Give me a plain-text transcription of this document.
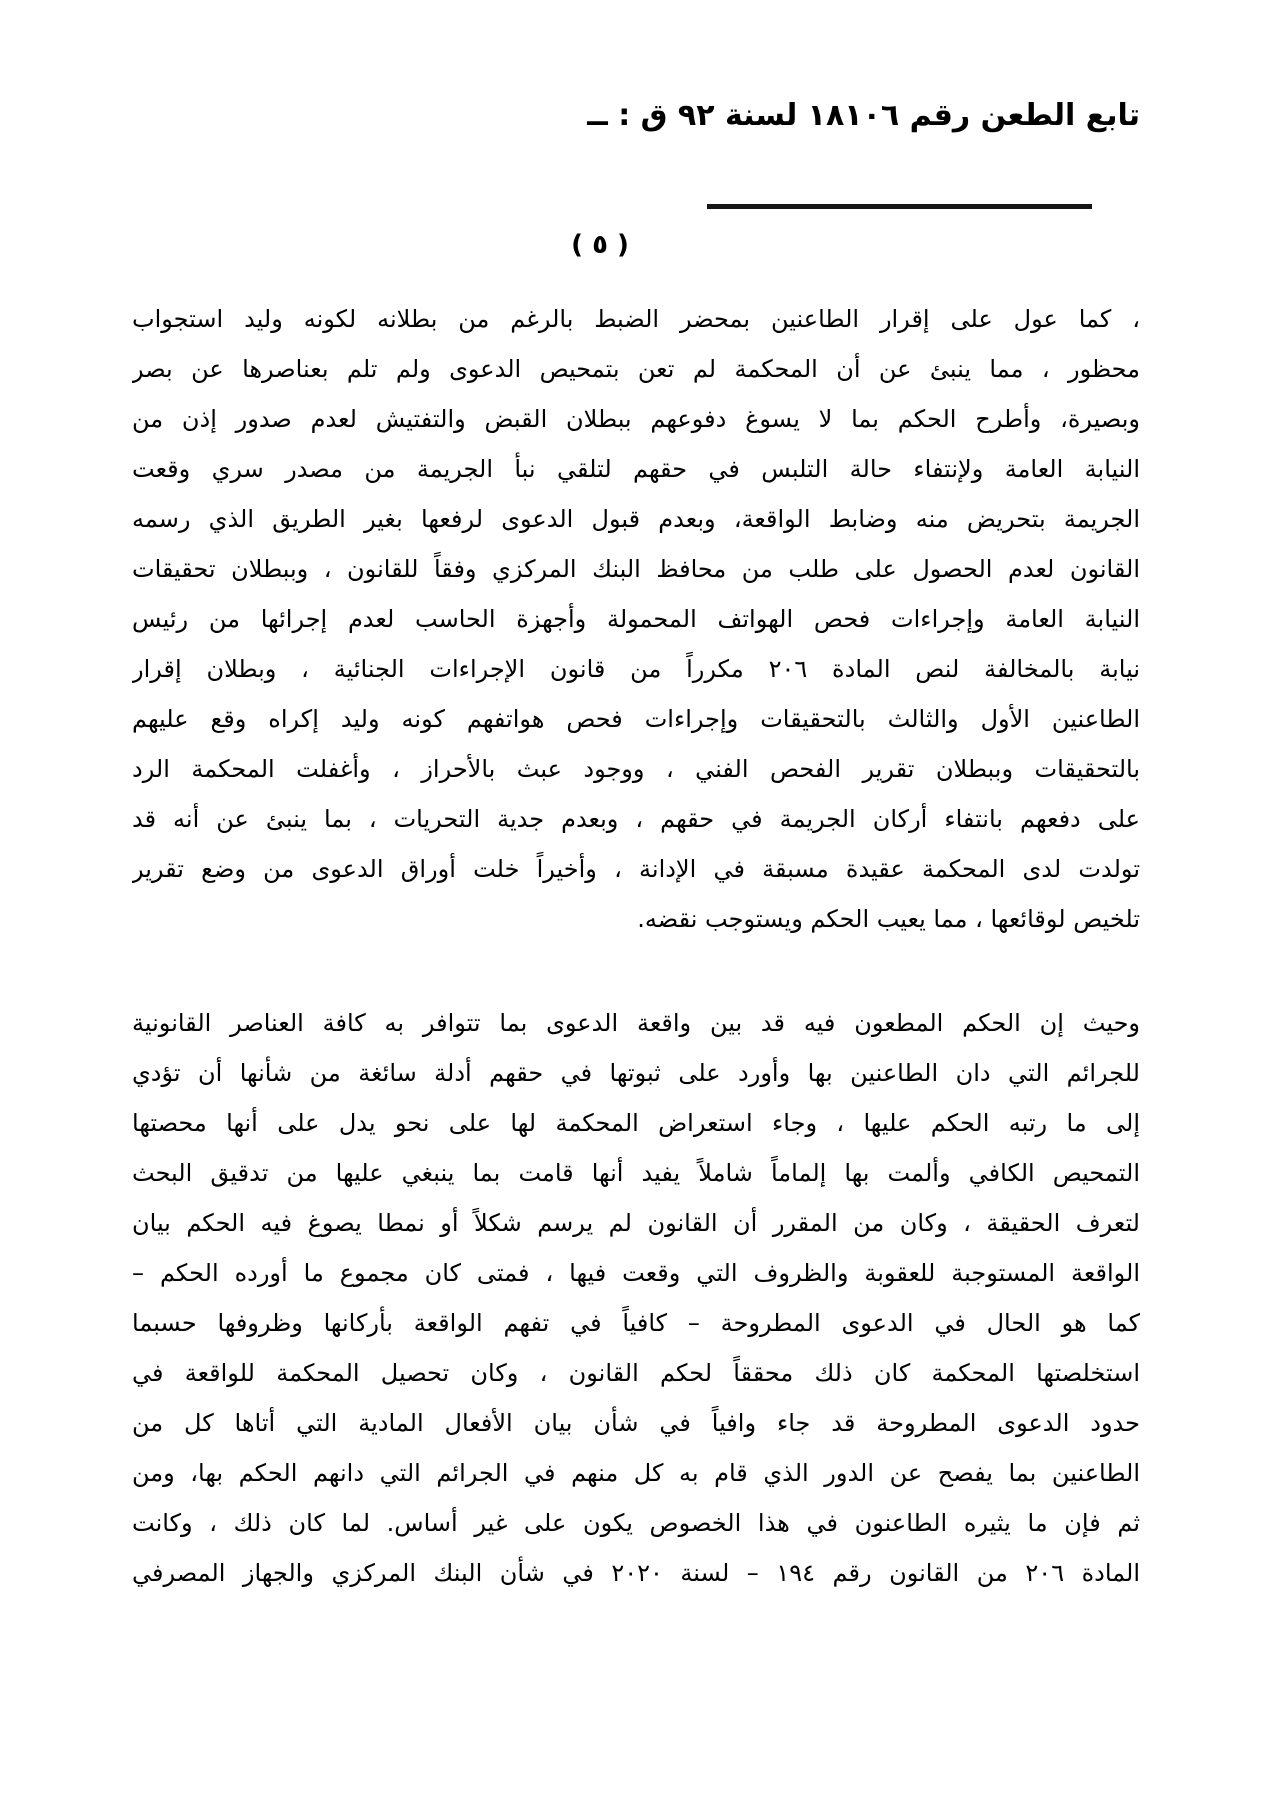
تابع الطعن رقم ١٨١٠٦ لسنة ٩٢ ق : ــ
( ٥ )
، كما عول على إقرار الطاعنين بمحضر الضبط بالرغم من بطلانه لكونه وليد استجواب
محظور ، مما ينبئ عن أن المحكمة لم تعن بتمحيص الدعوى ولم تلم بعناصرها عن بصر
وبصيرة، وأطرح الحكم بما لا يسوغ دفوعهم ببطلان القبض والتفتيش لعدم صدور إذن من
النيابة العامة ولإنتفاء حالة التلبس في حقهم لتلقي نبأ الجريمة من مصدر سري وقعت
الجريمة بتحريض منه وضابط الواقعة، وبعدم قبول الدعوى لرفعها بغير الطريق الذي رسمه
القانون لعدم الحصول على طلب من محافظ البنك المركزي وفقاً للقانون ، وببطلان تحقيقات
النيابة العامة وإجراءات فحص الهواتف المحمولة وأجهزة الحاسب لعدم إجرائها من رئيس
نيابة بالمخالفة لنص المادة ٢٠٦ مكرراً من قانون الإجراءات الجنائية ، وبطلان إقرار
الطاعنين الأول والثالث بالتحقيقات وإجراءات فحص هواتفهم كونه وليد إكراه وقع عليهم
بالتحقيقات وببطلان تقرير الفحص الفني ، ووجود عبث بالأحراز ، وأغفلت المحكمة الرد
على دفعهم بانتفاء أركان الجريمة في حقهم ، وبعدم جدية التحريات ، بما ينبئ عن أنه قد
تولدت لدى المحكمة عقيدة مسبقة في الإدانة ، وأخيراً خلت أوراق الدعوى من وضع تقرير
تلخيص لوقائعها ، مما يعيب الحكم ويستوجب نقضه.
وحيث إن الحكم المطعون فيه قد بين واقعة الدعوى بما تتوافر به كافة العناصر القانونية
للجرائم التي دان الطاعنين بها وأورد على ثبوتها في حقهم أدلة سائغة من شأنها أن تؤدي
إلى ما رتبه الحكم عليها ، وجاء استعراض المحكمة لها على نحو يدل على أنها محصتها
التمحيص الكافي وألمت بها إلماماً شاملاً يفيد أنها قامت بما ينبغي عليها من تدقيق البحث
لتعرف الحقيقة ، وكان من المقرر أن القانون لم يرسم شكلاً أو نمطا يصوغ فيه الحكم بيان
الواقعة المستوجبة للعقوبة والظروف التي وقعت فيها ، فمتى كان مجموع ما أورده الحكم –
كما هو الحال في الدعوى المطروحة – كافياً في تفهم الواقعة بأركانها وظروفها حسبما
استخلصتها المحكمة كان ذلك محققاً لحكم القانون ، وكان تحصيل المحكمة للواقعة في
حدود الدعوى المطروحة قد جاء وافياً في شأن بيان الأفعال المادية التي أتاها كل من
الطاعنين بما يفصح عن الدور الذي قام به كل منهم في الجرائم التي دانهم الحكم بها، ومن
ثم فإن ما يثيره الطاعنون في هذا الخصوص يكون على غير أساس. لما كان ذلك ، وكانت
المادة ٢٠٦ من القانون رقم ١٩٤ – لسنة ٢٠٢٠ في شأن البنك المركزي والجهاز المصرفي
